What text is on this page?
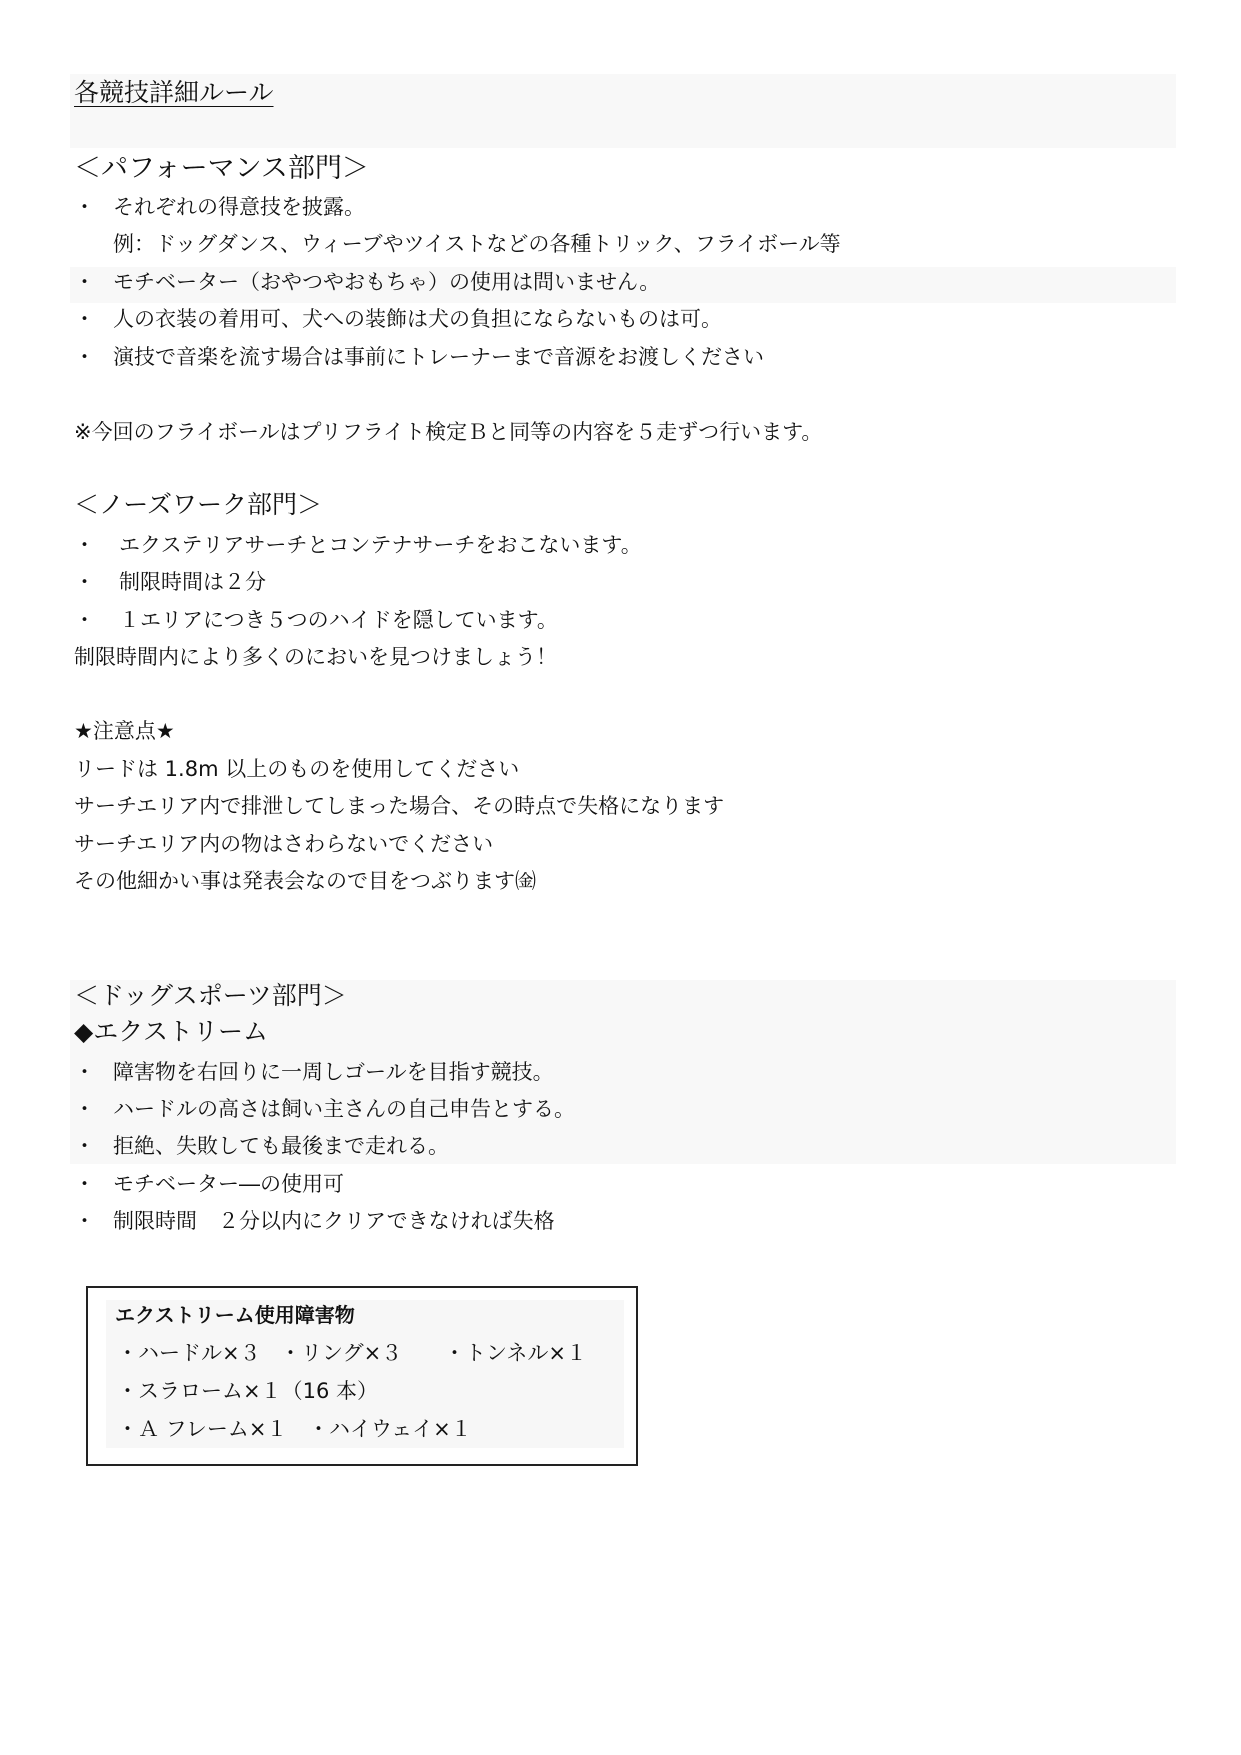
各競技詳細ルール
＜パフォーマンス部門＞
・ それぞれの得意技を披露。
例：ドッグダンス、ウィーブやツイストなどの各種トリック、フライボール等
・ モチベーター（おやつやおもちゃ）の使用は問いません。
・ 人の衣装の着用可、犬への装飾は犬の負担にならないものは可。
・ 演技で音楽を流す場合は事前にトレーナーまで音源をお渡しください
※今回のフライボールはプリフライト検定Ｂと同等の内容を５走ずつ行います。
＜ノーズワーク部門＞
・ エクステリアサーチとコンテナサーチをおこないます。
・ 制限時間は２分
・ １エリアにつき５つのハイドを隠しています。
制限時間内により多くのにおいを見つけましょう！
★注意点★
リードは 1.8m 以上のものを使用してください
サーチエリア内で排泄してしまった場合、その時点で失格になります
サーチエリア内の物はさわらないでください
その他細かい事は発表会なので目をつぶります㈮
＜ドッグスポーツ部門＞
◆エクストリーム
・ 障害物を右回りに一周しゴールを目指す競技。
・ ハードルの高さは飼い主さんの自己申告とする。
・ 拒絶、失敗しても最後まで走れる。
・ モチベーター―の使用可
・ 制限時間　２分以内にクリアできなければ失格
エクストリーム使用障害物
・ハードル×３ ・リング×３ ・トンネル×１
・スラローム×１（16 本）
・Ａ フレーム×１ ・ハイウェイ×１
